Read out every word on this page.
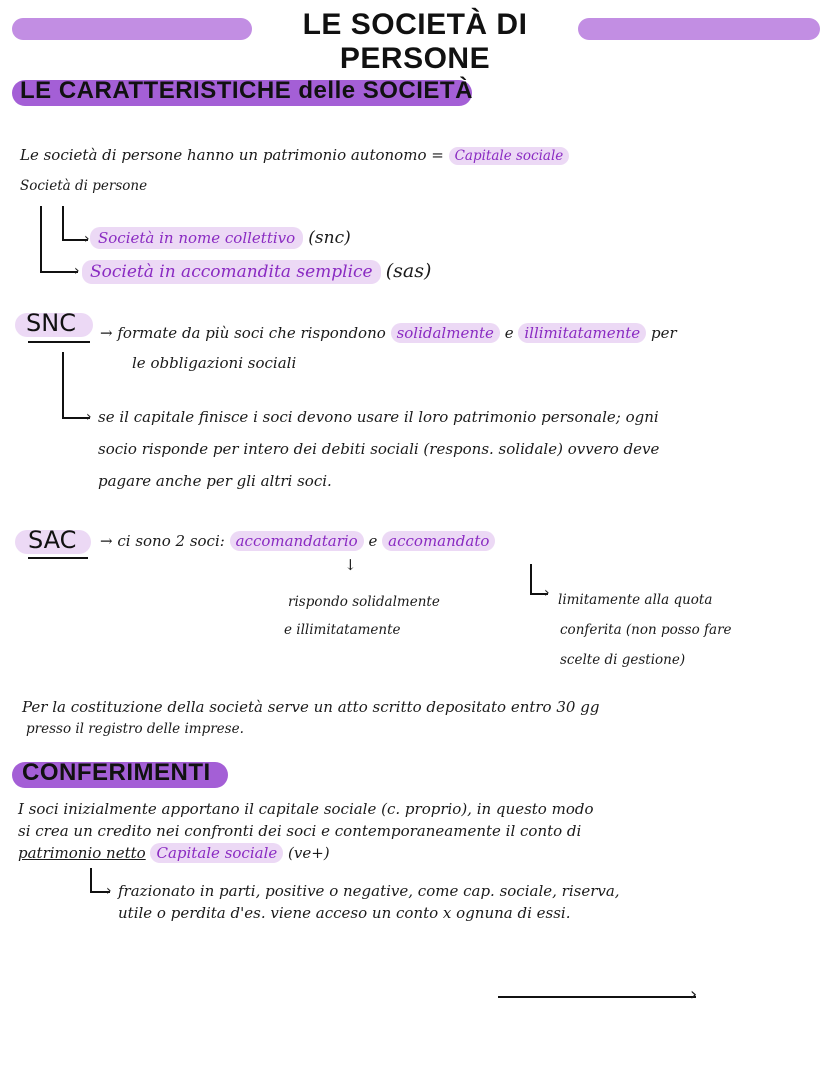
LE SOCIETÀ DI PERSONE
LE CARATTERISTICHE delle SOCIETÀ
Le società di persone hanno un patrimonio autonomo = Capitale sociale
Società di persone
›
› Società in nome collettivo (snc)
Società in accomandita semplice (sas)
SNC → formate da più soci che rispondono solidalmente e illimitatamente per
le obbligazioni sociali
› se il capitale finisce i soci devono usare il loro patrimonio personale; ogni
socio risponde per intero dei debiti sociali (respons. solidale) ovvero deve
pagare anche per gli altri soci.
SAC → ci sono 2 soci: accomandatario e accomandato
↓
rispondo solidalmente
e illimitatamente
› limitamente alla quota
conferita (non posso fare
scelte di gestione)
Per la costituzione della società serve un atto scritto depositato entro 30 gg
presso il registro delle imprese.
CONFERIMENTI
I soci inizialmente apportano il capitale sociale (c. proprio), in questo modo
si crea un credito nei confronti dei soci e contemporaneamente il conto di
patrimonio netto Capitale sociale (ve+)
› frazionato in parti, positive o negative, come cap. sociale, riserva,
utile o perdita d'es. viene acceso un conto x ognuna di essi.
›
